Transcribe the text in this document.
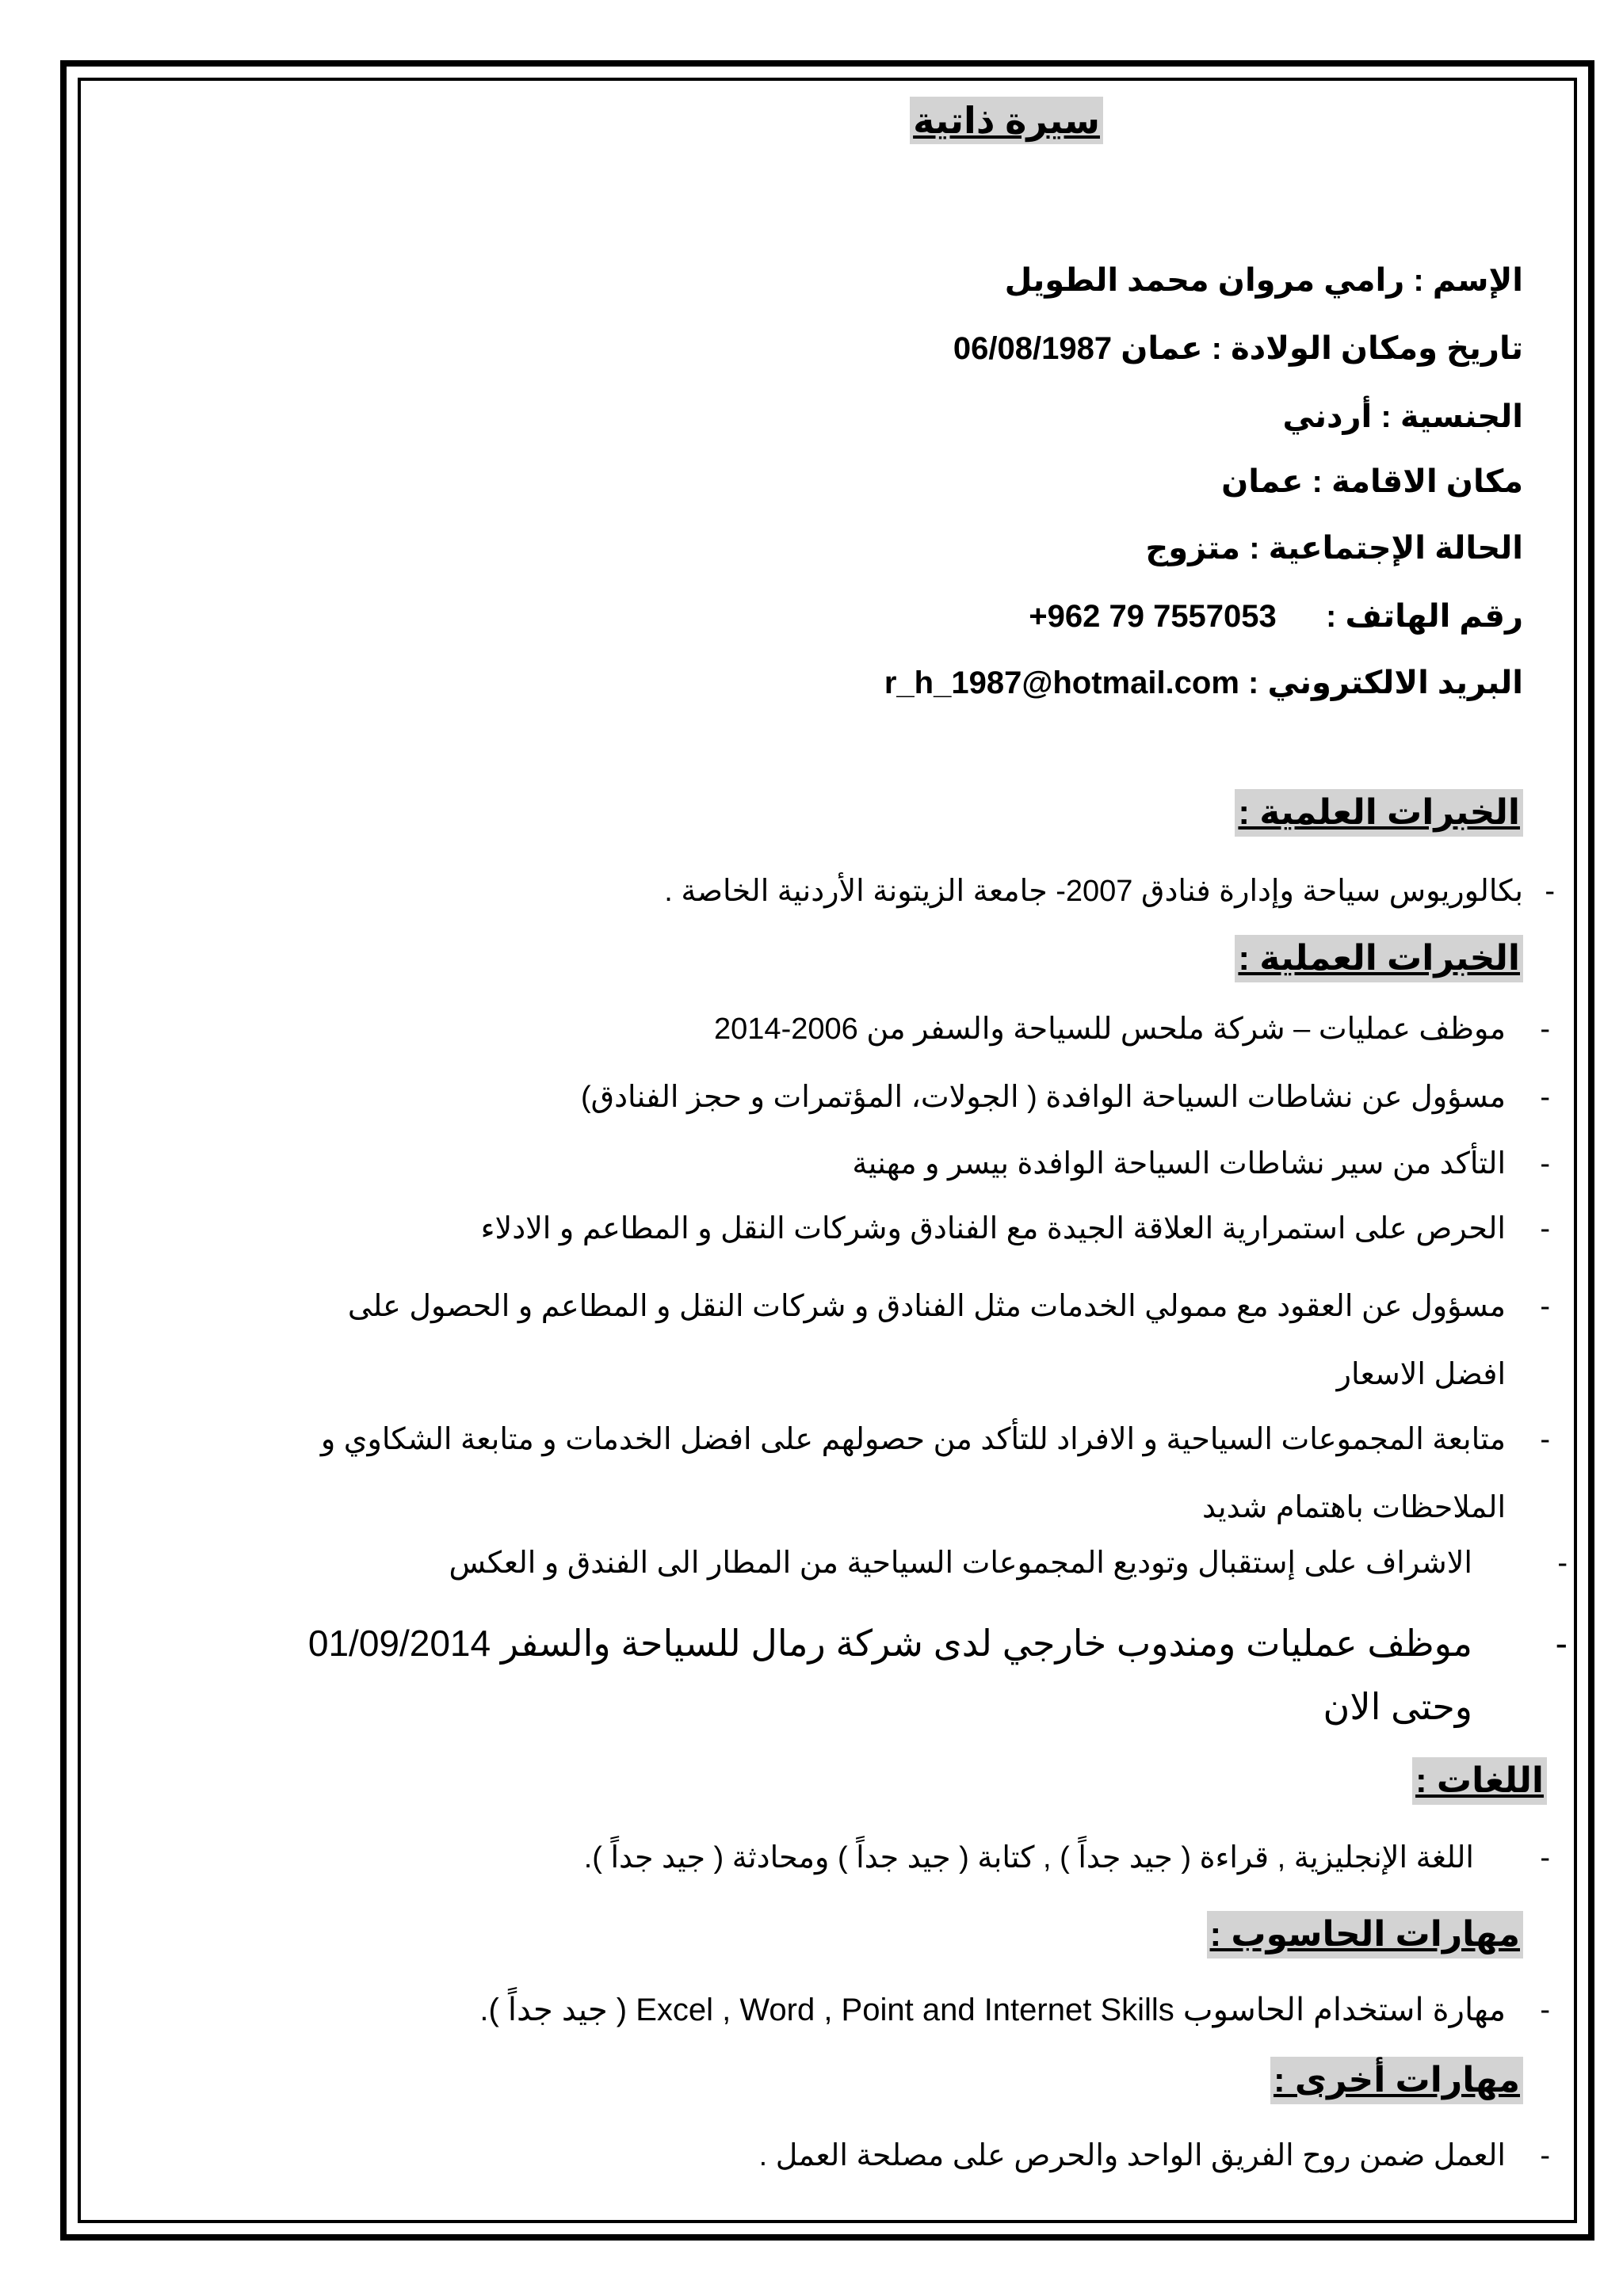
سيرة ذاتية
الإسم : رامي مروان محمد الطويل
تاريخ ومكان الولادة : عمان 06/08/1987
الجنسية : أردني
مكان الاقامة : عمان
الحالة الإجتماعية : متزوج
رقم الهاتف :  +962 79 7557053
البريد الالكتروني : r_h_1987@hotmail.com
الخبرات العلمية :
-
بكالوريوس سياحة وإدارة فنادق 2007- جامعة الزيتونة الأردنية الخاصة .
الخبرات العملية :
-
موظف عمليات – شركة ملحس للسياحة والسفر من 2006-2014
-
مسؤول عن نشاطات السياحة الوافدة ( الجولات، المؤتمرات و حجز الفنادق)
-
التأكد من سير نشاطات السياحة الوافدة بيسر و مهنية
-
الحرص على استمرارية العلاقة الجيدة مع الفنادق وشركات النقل و المطاعم و الادلاء
-
مسؤول عن العقود مع ممولي الخدمات مثل الفنادق و شركات النقل و المطاعم و الحصول على افضل الاسعار
-
متابعة المجموعات السياحية و الافراد للتأكد من حصولهم على افضل الخدمات و متابعة الشكاوي و الملاحظات باهتمام شديد
-
الاشراف على إستقبال وتوديع المجموعات السياحية من المطار الى الفندق و العكس
-
موظف عمليات ومندوب خارجي لدى شركة رمال للسياحة والسفر 01/09/2014 وحتى الان
اللغات :
-
اللغة الإنجليزية , قراءة ( جيد جداً ) , كتابة ( جيد جداً ) ومحادثة ( جيد جداً ).
مهارات الحاسوب :
-
مهارة استخدام الحاسوب Excel , Word , Point and Internet Skills ( جيد جداً ).
مهارات أخرى :
-
العمل ضمن روح الفريق الواحد والحرص على مصلحة العمل .
